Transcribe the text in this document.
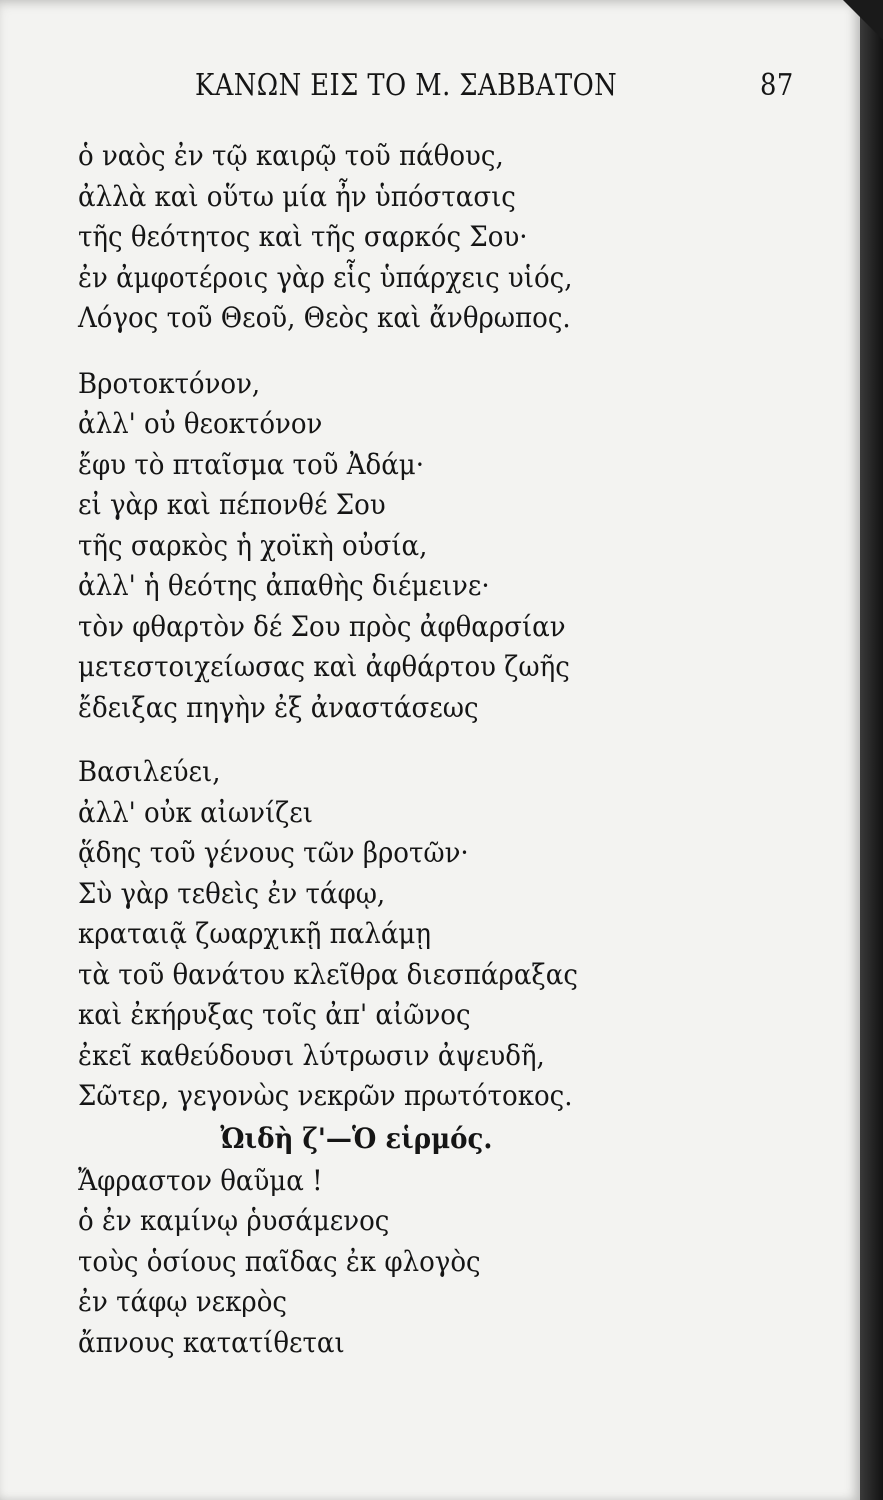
ΚΑΝΩΝ ΕΙΣ ΤΟ Μ. ΣΑΒΒΑΤΟΝ	87
ὁ ναὸς ἐν τῷ καιρῷ τοῦ πάθους,
ἀλλὰ καὶ οὕτω μία ἦν ὑπόστασις
τῆς θεότητος καὶ τῆς σαρκός Σου·
ἐν ἀμφοτέροις γὰρ εἷς ὑπάρχεις υἱός,
Λόγος τοῦ Θεοῦ, Θεὸς καὶ ἄνθρωπος.
Βροτοκτόνον,
ἀλλ' οὐ θεοκτόνον
ἔφυ τὸ πταῖσμα τοῦ Ἀδάμ·
εἰ γὰρ καὶ πέπονθέ Σου
τῆς σαρκὸς ἡ χοϊκὴ οὐσία,
ἀλλ' ἡ θεότης ἀπαθὴς διέμεινε·
τὸν φθαρτὸν δέ Σου πρὸς ἀφθαρσίαν
μετεστοιχείωσας καὶ ἀφθάρτου ζωῆς
ἔδειξας πηγὴν ἐξ ἀναστάσεως
Βασιλεύει,
ἀλλ' οὐκ αἰωνίζει
ᾅδης τοῦ γένους τῶν βροτῶν·
Σὺ γὰρ τεθεὶς ἐν τάφῳ,
κραταιᾷ ζωαρχικῇ παλάμῃ
τὰ τοῦ θανάτου κλεῖθρα διεσπάραξας
καὶ ἐκήρυξας τοῖς ἀπ' αἰῶνος
ἐκεῖ καθεύδουσι λύτρωσιν ἀψευδῆ,
Σῶτερ, γεγονὼς νεκρῶν πρωτότοκος.
Ὠιδὴ ζ'—Ὁ εἱρμός.
Ἄφραστον θαῦμα !
ὁ ἐν καμίνῳ ῥυσάμενος
τοὺς ὁσίους παῖδας ἐκ φλογὸς
ἐν τάφῳ νεκρὸς
ἄπνους κατατίθεται
